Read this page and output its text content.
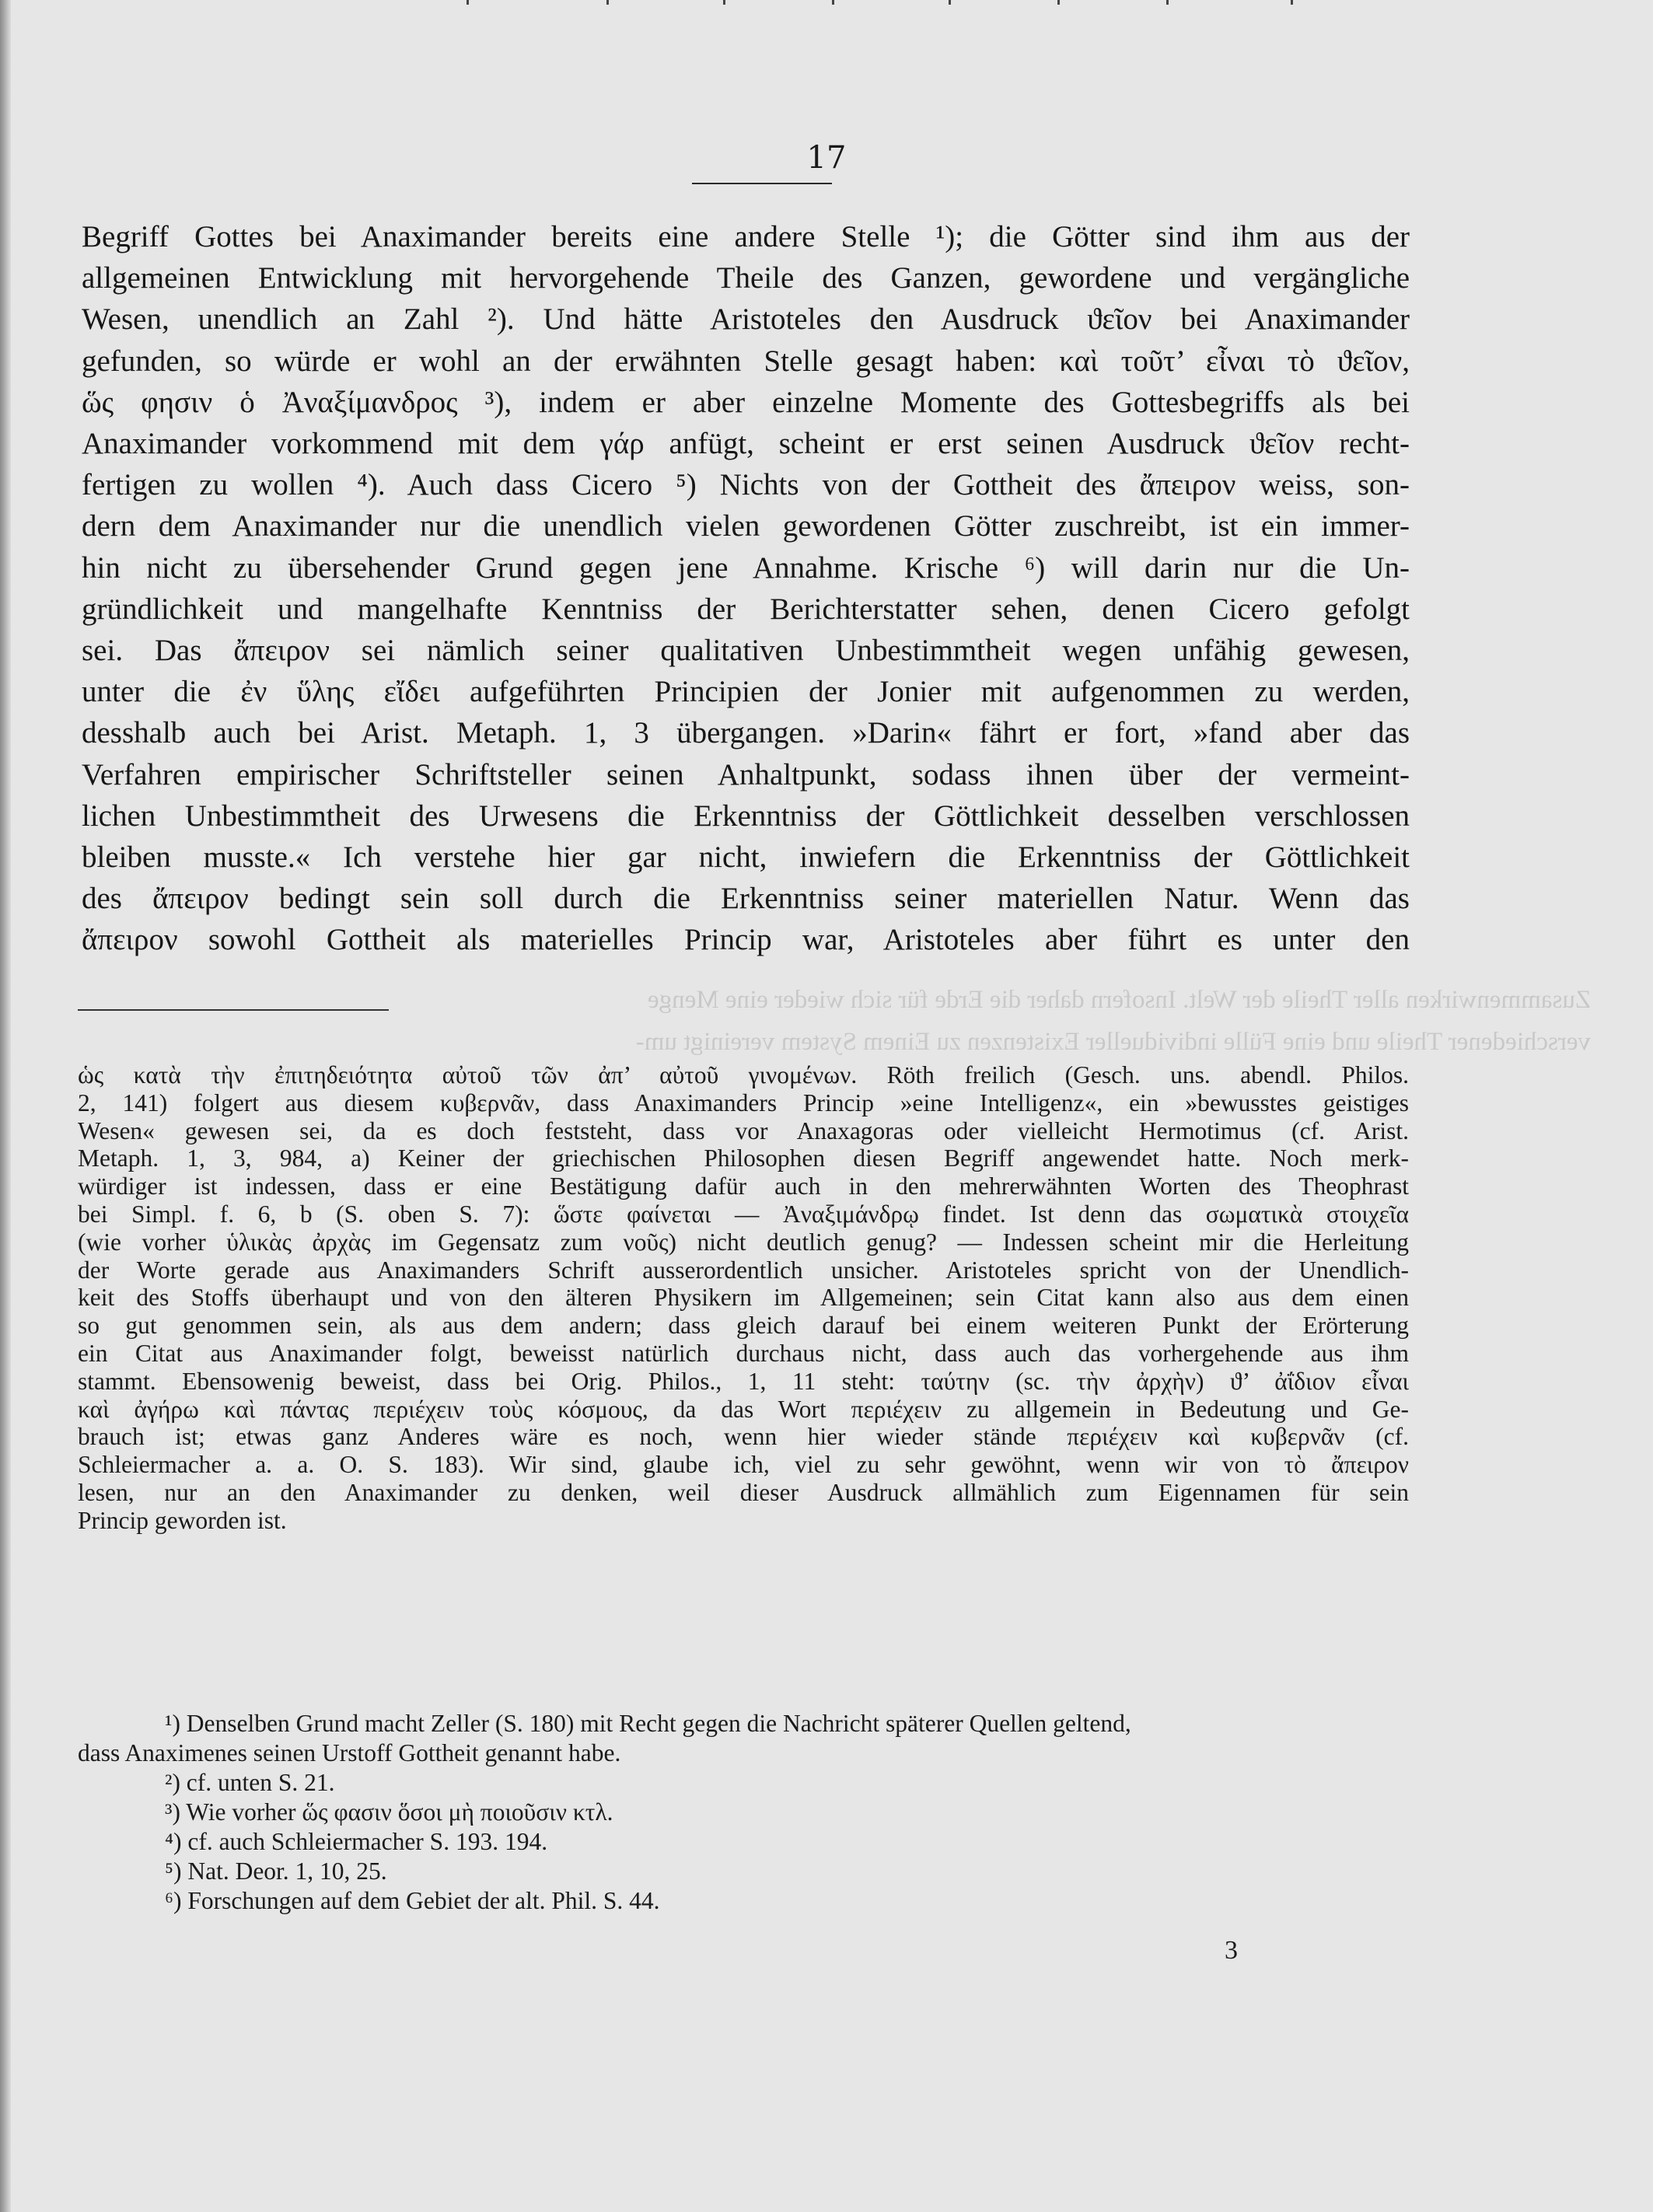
17
Begriff Gottes bei Anaximander bereits eine andere Stelle ¹); die Götter sind ihm aus der
allgemeinen Entwicklung mit hervorgehende Theile des Ganzen, gewordene und vergängliche
Wesen, unendlich an Zahl ²). Und hätte Aristoteles den Ausdruck ϑεῖον bei Anaximander
gefunden, so würde er wohl an der erwähnten Stelle gesagt haben: καὶ τοῦτ’ εἶναι τὸ ϑεῖον,
ὥς φησιν ὁ Ἀναξίμανδρος ³), indem er aber einzelne Momente des Gottesbegriffs als bei
Anaximander vorkommend mit dem γάρ anfügt, scheint er erst seinen Ausdruck ϑεῖον recht-
fertigen zu wollen ⁴). Auch dass Cicero ⁵) Nichts von der Gottheit des ἄπειρον weiss, son-
dern dem Anaximander nur die unendlich vielen gewordenen Götter zuschreibt, ist ein immer-
hin nicht zu übersehender Grund gegen jene Annahme. Krische ⁶) will darin nur die Un-
gründlichkeit und mangelhafte Kenntniss der Berichterstatter sehen, denen Cicero gefolgt
sei. Das ἄπειρον sei nämlich seiner qualitativen Unbestimmtheit wegen unfähig gewesen,
unter die ἐν ὕλης εἴδει aufgeführten Principien der Jonier mit aufgenommen zu werden,
desshalb auch bei Arist. Metaph. 1, 3 übergangen. »Darin« fährt er fort, »fand aber das
Verfahren empirischer Schriftsteller seinen Anhaltpunkt, sodass ihnen über der vermeint-
lichen Unbestimmtheit des Urwesens die Erkenntniss der Göttlichkeit desselben verschlossen
bleiben musste.« Ich verstehe hier gar nicht, inwiefern die Erkenntniss der Göttlichkeit
des ἄπειρον bedingt sein soll durch die Erkenntniss seiner materiellen Natur. Wenn das
ἄπειρον sowohl Gottheit als materielles Princip war, Aristoteles aber führt es unter den
Zusammenwirken aller Theile der Welt. Insofern daher die Erde für sich wieder eine Menge
verschiedener Theile und eine Fülle individueller Existenzen zu Einem System vereinigt um-
ὡς κατὰ τὴν ἐπιτηδειότητα αὐτοῦ τῶν ἀπ’ αὐτοῦ γινομένων. Röth freilich (Gesch. uns. abendl. Philos.
2, 141) folgert aus diesem κυβερνᾶν, dass Anaximanders Princip »eine Intelligenz«, ein »bewusstes geistiges
Wesen« gewesen sei, da es doch feststeht, dass vor Anaxagoras oder vielleicht Hermotimus (cf. Arist.
Metaph. 1, 3, 984, a) Keiner der griechischen Philosophen diesen Begriff angewendet hatte. Noch merk-
würdiger ist indessen, dass er eine Bestätigung dafür auch in den mehrerwähnten Worten des Theophrast
bei Simpl. f. 6, b (S. oben S. 7): ὥστε φαίνεται — Ἀναξιμάνδρῳ findet. Ist denn das σωματικὰ στοιχεῖα
(wie vorher ὑλικὰς ἀρχὰς im Gegensatz zum νοῦς) nicht deutlich genug? — Indessen scheint mir die Herleitung
der Worte gerade aus Anaximanders Schrift ausserordentlich unsicher. Aristoteles spricht von der Unendlich-
keit des Stoffs überhaupt und von den älteren Physikern im Allgemeinen; sein Citat kann also aus dem einen
so gut genommen sein, als aus dem andern; dass gleich darauf bei einem weiteren Punkt der Erörterung
ein Citat aus Anaximander folgt, beweisst natürlich durchaus nicht, dass auch das vorhergehende aus ihm
stammt. Ebensowenig beweist, dass bei Orig. Philos., 1, 11 steht: ταύτην (sc. τὴν ἀρχὴν) ϑ’ ἀΐδιον εἶναι
καὶ ἀγήρω καὶ πάντας περιέχειν τοὺς κόσμους, da das Wort περιέχειν zu allgemein in Bedeutung und Ge-
brauch ist; etwas ganz Anderes wäre es noch, wenn hier wieder stände περιέχειν καὶ κυβερνᾶν (cf.
Schleiermacher a. a. O. S. 183). Wir sind, glaube ich, viel zu sehr gewöhnt, wenn wir von τὸ ἄπειρον
lesen, nur an den Anaximander zu denken, weil dieser Ausdruck allmählich zum Eigennamen für sein
Princip geworden ist.
¹) Denselben Grund macht Zeller (S. 180) mit Recht gegen die Nachricht späterer Quellen geltend,
dass Anaximenes seinen Urstoff Gottheit genannt habe.
²) cf. unten S. 21.
³) Wie vorher ὥς φασιν ὅσοι μὴ ποιοῦσιν κτλ.
⁴) cf. auch Schleiermacher S. 193. 194.
⁵) Nat. Deor. 1, 10, 25.
⁶) Forschungen auf dem Gebiet der alt. Phil. S. 44.
3
